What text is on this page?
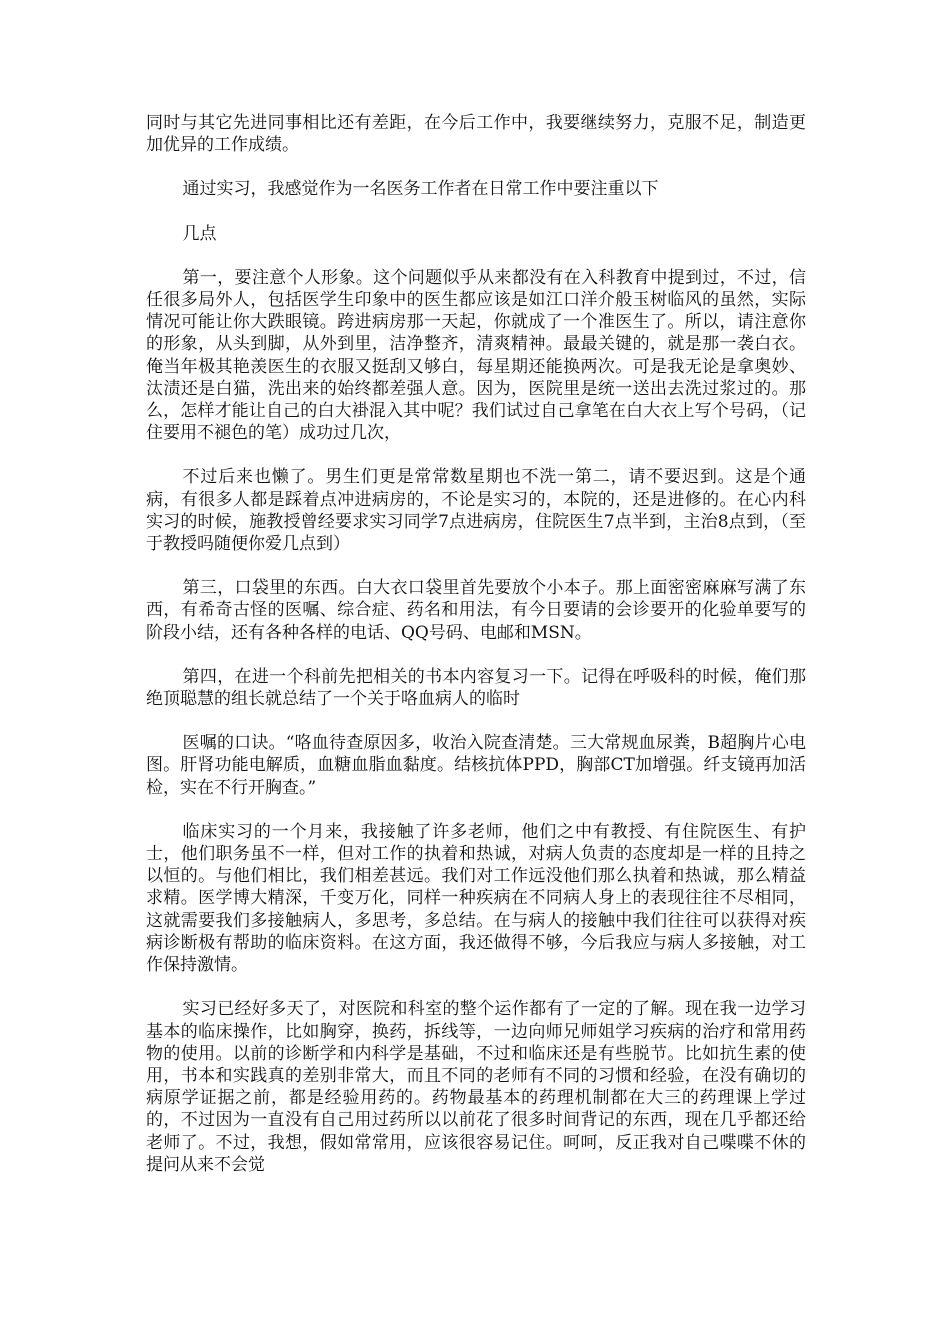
同时与其它先进同事相比还有差距，在今后工作中，我要继续努力，克服不足，制造更加优异的工作成绩。

通过实习，我感觉作为一名医务工作者在日常工作中要注重以下

几点

第一，要注意个人形象。这个问题似乎从来都没有在入科教育中提到过，不过，信任很多局外人，包括医学生印象中的医生都应该是如江口洋介般玉树临风的虽然，实际情况可能让你大跌眼镜。跨进病房那一天起，你就成了一个准医生了。所以，请注意你的形象，从头到脚，从外到里，洁净整齐，清爽精神。最最关键的，就是那一袭白衣。俺当年极其艳羡医生的衣服又挺刮又够白，每星期还能换两次。可是我无论是拿奥妙、汰渍还是白猫，洗出来的始终都差强人意。因为，医院里是统一送出去洗过浆过的。那么，怎样才能让自己的白大褂混入其中呢？我们试过自己拿笔在白大衣上写个号码，（记住要用不褪色的笔）成功过几次，

不过后来也懒了。男生们更是常常数星期也不洗一第二，请不要迟到。这是个通病，有很多人都是踩着点冲进病房的，不论是实习的，本院的，还是进修的。在心内科实习的时候，施教授曾经要求实习同学7点进病房，住院医生7点半到，主治8点到，（至于教授吗随便你爱几点到）

第三，口袋里的东西。白大衣口袋里首先要放个小本子。那上面密密麻麻写满了东西，有希奇古怪的医嘱、综合症、药名和用法，有今日要请的会诊要开的化验单要写的阶段小结，还有各种各样的电话、QQ号码、电邮和MSN。

第四，在进一个科前先把相关的书本内容复习一下。记得在呼吸科的时候，俺们那绝顶聪慧的组长就总结了一个关于咯血病人的临时

医嘱的口诀。“咯血待查原因多，收治入院查清楚。三大常规血尿粪，B超胸片心电图。肝肾功能电解质，血糖血脂血黏度。结核抗体PPD，胸部CT加增强。纤支镜再加活检，实在不行开胸查。”

临床实习的一个月来，我接触了许多老师，他们之中有教授、有住院医生、有护士，他们职务虽不一样，但对工作的执着和热诚，对病人负责的态度却是一样的且持之以恒的。与他们相比，我们相差甚远。我们对工作远没他们那么执着和热诚，那么精益求精。医学博大精深，千变万化，同样一种疾病在不同病人身上的表现往往不尽相同，这就需要我们多接触病人，多思考，多总结。在与病人的接触中我们往往可以获得对疾病诊断极有帮助的临床资料。在这方面，我还做得不够，今后我应与病人多接触，对工作保持激情。

实习已经好多天了，对医院和科室的整个运作都有了一定的了解。现在我一边学习基本的临床操作，比如胸穿，换药，拆线等，一边向师兄师姐学习疾病的治疗和常用药物的使用。以前的诊断学和内科学是基础，不过和临床还是有些脱节。比如抗生素的使用，书本和实践真的差别非常大，而且不同的老师有不同的习惯和经验，在没有确切的病原学证据之前，都是经验用药的。药物最基本的药理机制都在大三的药理课上学过的，不过因为一直没有自己用过药所以以前花了很多时间背记的东西，现在几乎都还给老师了。不过，我想，假如常常用，应该很容易记住。呵呵，反正我对自己喋喋不休的提问从来不会觉
